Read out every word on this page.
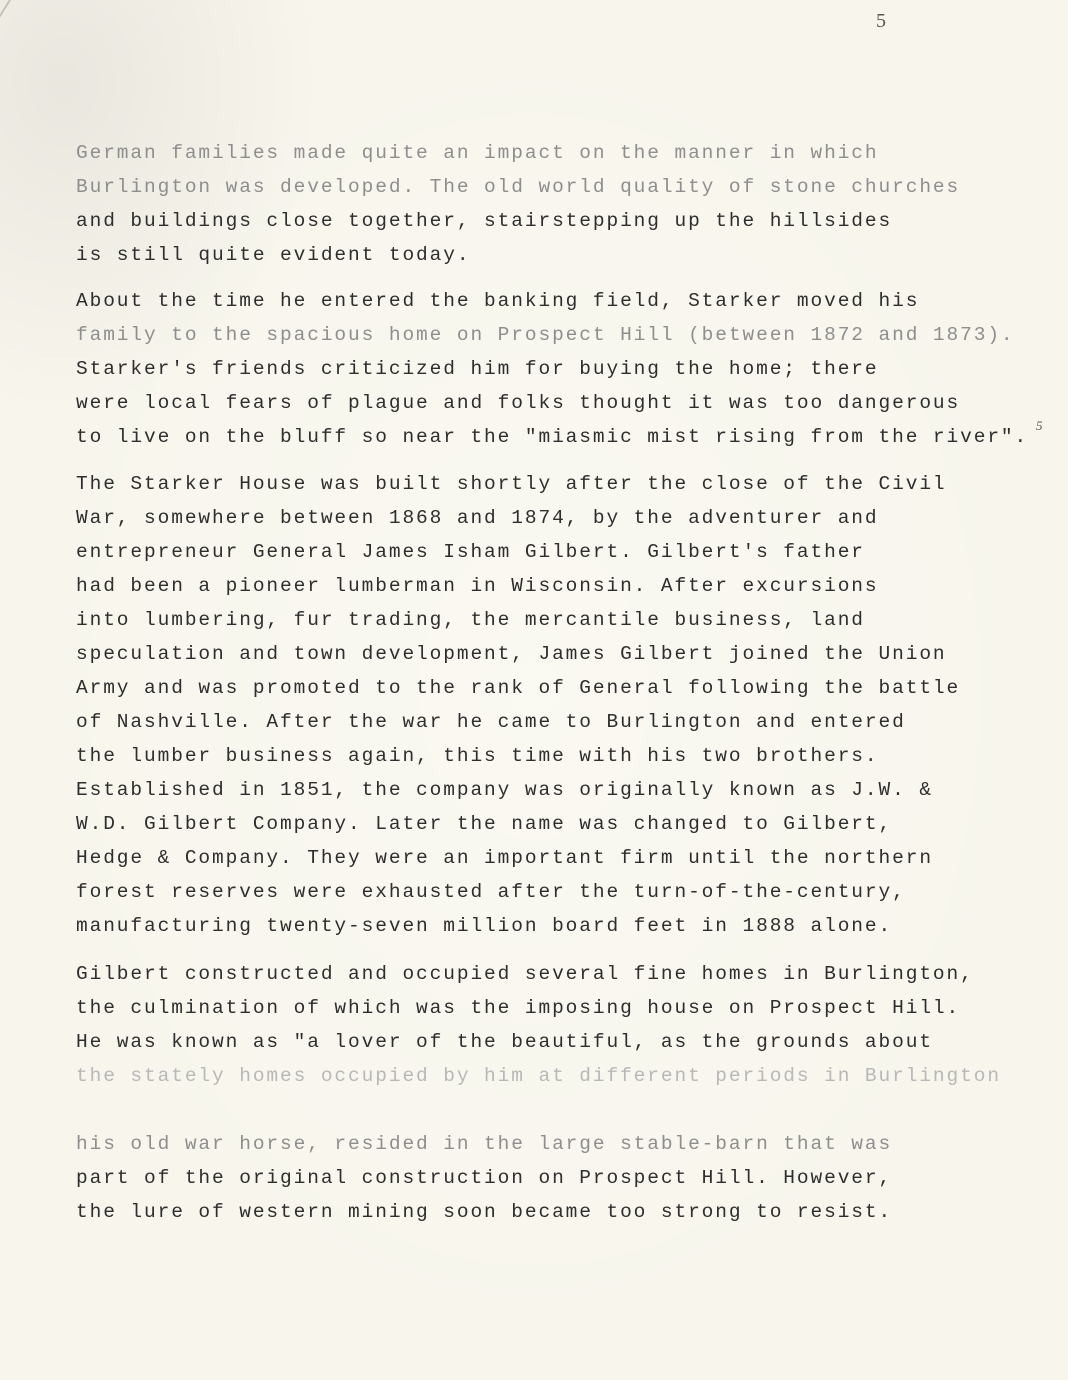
5
German families made quite an impact on the manner in which
Burlington was developed. The old world quality of stone churches
and buildings close together, stairstepping up the hillsides
is still quite evident today.
About the time he entered the banking field, Starker moved his
family to the spacious home on Prospect Hill (between 1872 and 1873).
Starker's friends criticized him for buying the home; there
were local fears of plague and folks thought it was too dangerous
to live on the bluff so near the "miasmic mist rising from the river".
5
The Starker House was built shortly after the close of the Civil
War, somewhere between 1868 and 1874, by the adventurer and
entrepreneur General James Isham Gilbert. Gilbert's father
had been a pioneer lumberman in Wisconsin. After excursions
into lumbering, fur trading, the mercantile business, land
speculation and town development, James Gilbert joined the Union
Army and was promoted to the rank of General following the battle
of Nashville. After the war he came to Burlington and entered
the lumber business again, this time with his two brothers.
Established in 1851, the company was originally known as J.W. &
W.D. Gilbert Company. Later the name was changed to Gilbert,
Hedge & Company. They were an important firm until the northern
forest reserves were exhausted after the turn-of-the-century,
manufacturing twenty-seven million board feet in 1888 alone.
Gilbert constructed and occupied several fine homes in Burlington,
the culmination of which was the imposing house on Prospect Hill.
He was known as "a lover of the beautiful, as the grounds about
the stately homes occupied by him at different periods in Burlington
his old war horse, resided in the large stable-barn that was
part of the original construction on Prospect Hill. However,
the lure of western mining soon became too strong to resist.
